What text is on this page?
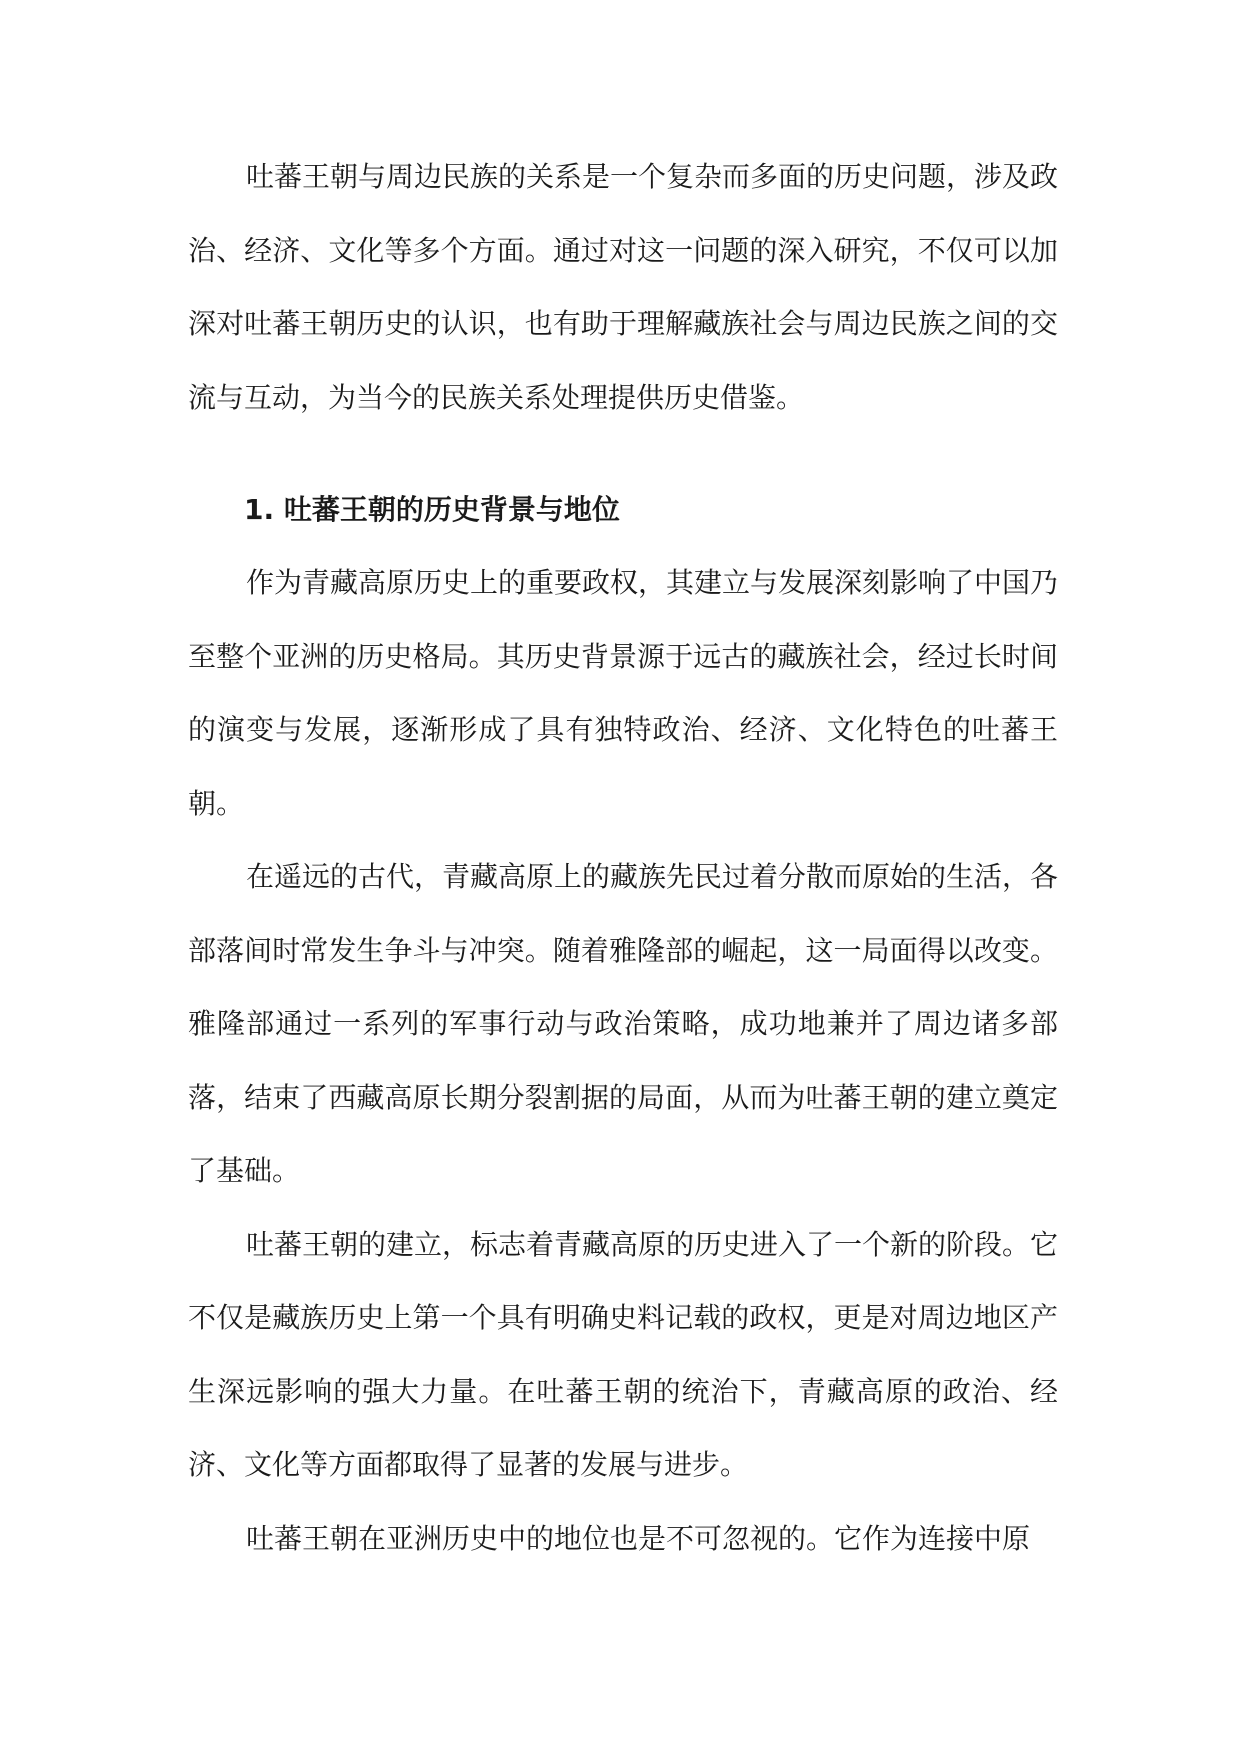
吐蕃王朝与周边民族的关系是一个复杂而多面的历史问题，涉及政治、经济、文化等多个方面。通过对这一问题的深入研究，不仅可以加深对吐蕃王朝历史的认识，也有助于理解藏族社会与周边民族之间的交流与互动，为当今的民族关系处理提供历史借鉴。

1. 吐蕃王朝的历史背景与地位

作为青藏高原历史上的重要政权，其建立与发展深刻影响了中国乃至整个亚洲的历史格局。其历史背景源于远古的藏族社会，经过长时间的演变与发展，逐渐形成了具有独特政治、经济、文化特色的吐蕃王朝。

在遥远的古代，青藏高原上的藏族先民过着分散而原始的生活，各部落间时常发生争斗与冲突。随着雅隆部的崛起，这一局面得以改变。雅隆部通过一系列的军事行动与政治策略，成功地兼并了周边诸多部落，结束了西藏高原长期分裂割据的局面，从而为吐蕃王朝的建立奠定了基础。

吐蕃王朝的建立，标志着青藏高原的历史进入了一个新的阶段。它不仅是藏族历史上第一个具有明确史料记载的政权，更是对周边地区产生深远影响的强大力量。在吐蕃王朝的统治下，青藏高原的政治、经济、文化等方面都取得了显著的发展与进步。

吐蕃王朝在亚洲历史中的地位也是不可忽视的。它作为连接中原
